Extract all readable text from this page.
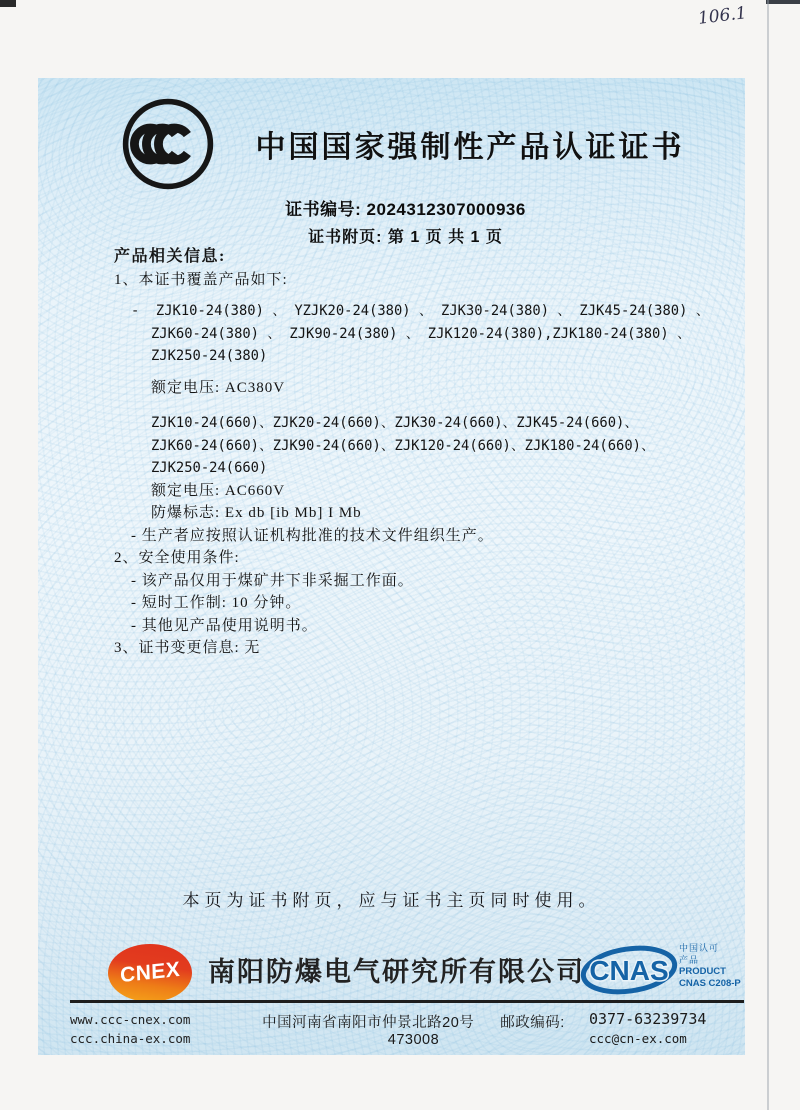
106.1
中国国家强制性产品认证证书
证书编号: 2024312307000936
证书附页: 第 1 页 共 1 页
产品相关信息:
1、本证书覆盖产品如下:
-  ZJK10-24(380) 、 YZJK20-24(380) 、 ZJK30-24(380) 、 ZJK45-24(380) 、
ZJK60-24(380) 、 ZJK90-24(380) 、 ZJK120-24(380),ZJK180-24(380) 、
ZJK250-24(380)
额定电压: AC380V
ZJK10-24(660)、ZJK20-24(660)、ZJK30-24(660)、ZJK45-24(660)、
ZJK60-24(660)、ZJK90-24(660)、ZJK120-24(660)、ZJK180-24(660)、
ZJK250-24(660)
额定电压: AC660V
防爆标志: Ex db [ib Mb] I Mb
- 生产者应按照认证机构批准的技术文件组织生产。
2、安全使用条件:
- 该产品仅用于煤矿井下非采掘工作面。
- 短时工作制: 10 分钟。
- 其他见产品使用说明书。
3、证书变更信息: 无
本页为证书附页，应与证书主页同时使用。
CNEX	南阳防爆电气研究所有限公司 CNAS
中国认可
产品
PRODUCT
CNAS C208-P
www.ccc-cnex.com
ccc.china-ex.com
中国河南省南阳市仲景北路20号 邮政编码: 473008
0377-63239734
ccc@cn-ex.com
